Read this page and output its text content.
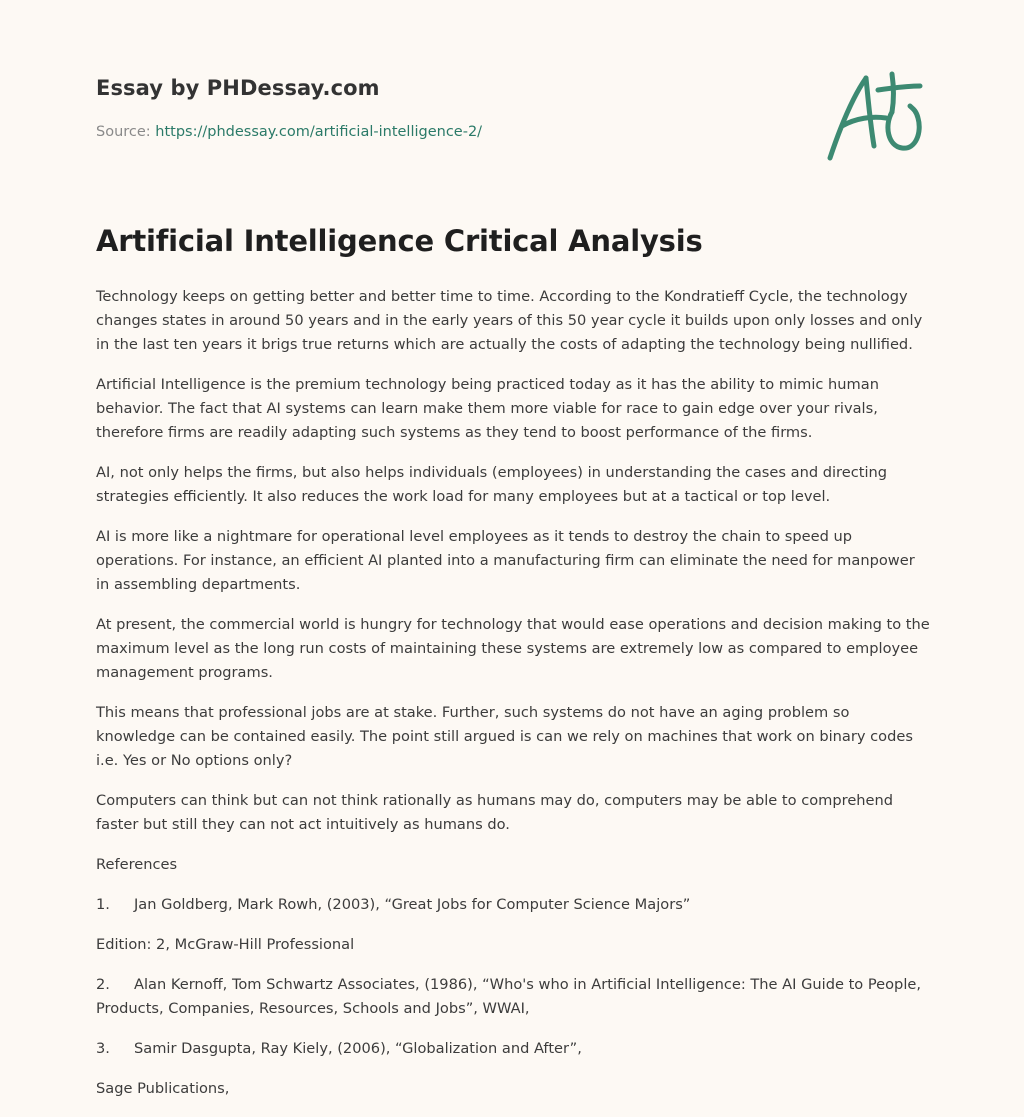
Essay by PHDessay.com

Source: https://phdessay.com/artificial-intelligence-2/

Artificial Intelligence Critical Analysis

Technology keeps on getting better and better time to time. According to the Kondratieff Cycle, the technology changes states in around 50 years and in the early years of this 50 year cycle it builds upon only losses and only in the last ten years it brigs true returns which are actually the costs of adapting the technology being nullified.

Artificial Intelligence is the premium technology being practiced today as it has the ability to mimic human behavior. The fact that AI systems can learn make them more viable for race to gain edge over your rivals, therefore firms are readily adapting such systems as they tend to boost performance of the firms.

AI, not only helps the firms, but also helps individuals (employees) in understanding the cases and directing strategies efficiently. It also reduces the work load for many employees but at a tactical or top level.

AI is more like a nightmare for operational level employees as it tends to destroy the chain to speed up operations. For instance, an efficient AI planted into a manufacturing firm can eliminate the need for manpower in assembling departments.

At present, the commercial world is hungry for technology that would ease operations and decision making to the maximum level as the long run costs of maintaining these systems are extremely low as compared to employee management programs.

This means that professional jobs are at stake. Further, such systems do not have an aging problem so knowledge can be contained easily. The point still argued is can we rely on machines that work on binary codes i.e. Yes or No options only?

Computers can think but can not think rationally as humans may do, computers may be able to comprehend faster but still they can not act intuitively as humans do.

References

1. Jan Goldberg, Mark Rowh, (2003), “Great Jobs for Computer Science Majors”

Edition: 2, McGraw-Hill Professional

2. Alan Kernoff, Tom Schwartz Associates, (1986), “Who's who in Artificial Intelligence: The AI Guide to People, Products, Companies, Resources, Schools and Jobs”, WWAI,

3. Samir Dasgupta, Ray Kiely, (2006), “Globalization and After”,

Sage Publications,
